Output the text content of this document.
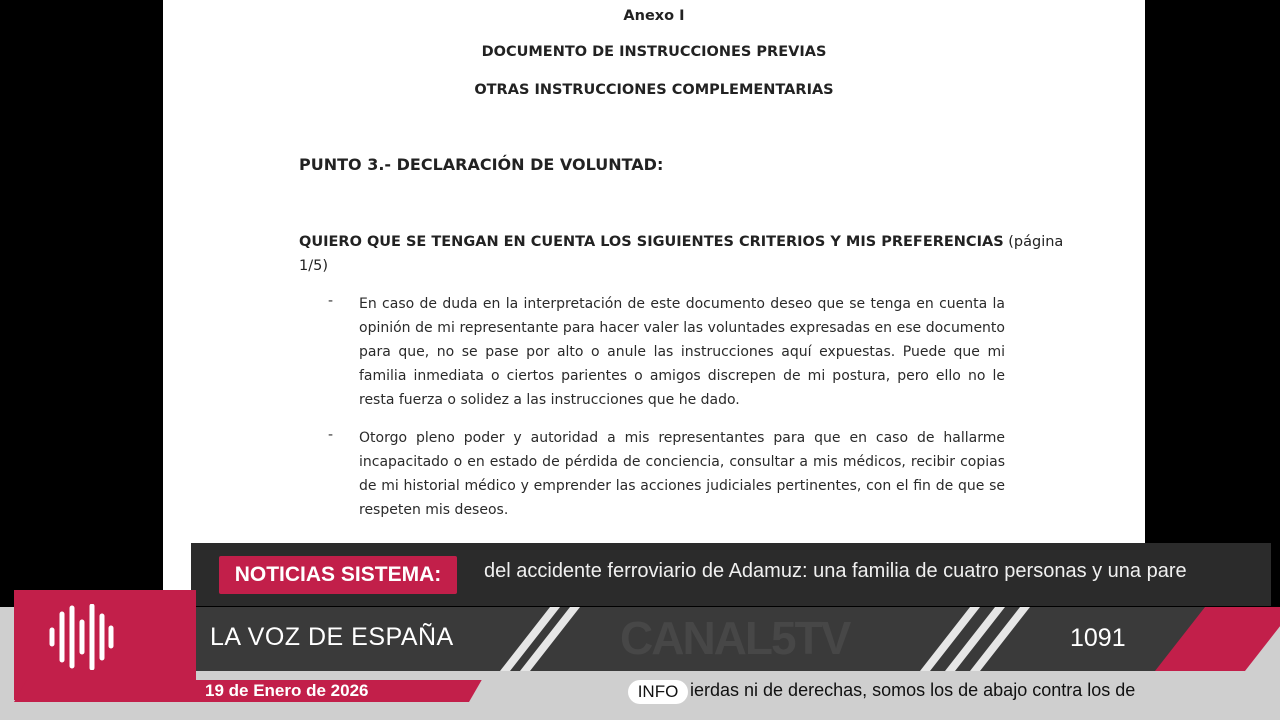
Anexo I
DOCUMENTO DE INSTRUCCIONES PREVIAS
OTRAS INSTRUCCIONES COMPLEMENTARIAS
PUNTO 3.- DECLARACIÓN DE VOLUNTAD:
QUIERO QUE SE TENGAN EN CUENTA LOS SIGUIENTES CRITERIOS Y MIS PREFERENCIAS (página
1/5)
- En caso de duda en la interpretación de este documento deseo que se tenga en cuenta la opinión de mi representante para hacer valer las voluntades expresadas en ese documento para que, no se pase por alto o anule las instrucciones aquí expuestas. Puede que mi familia inmediata o ciertos parientes o amigos discrepen de mi postura, pero ello no le resta fuerza o solidez a las instrucciones que he dado.
- Otorgo pleno poder y autoridad a mis representantes para que en caso de hallarme incapacitado o en estado de pérdida de conciencia, consultar a mis médicos, recibir copias de mi historial médico y emprender las acciones judiciales pertinentes, con el fin de que se respeten mis deseos.
NOTICIAS SISTEMA:	del accidente ferroviario de Adamuz: una familia de cuatro personas y una pare
LA VOZ DE ESPAÑA	CANAL5TV	1091
19 de Enero de 2026	INFO ierdas ni de derechas, somos los de abajo contra los de
